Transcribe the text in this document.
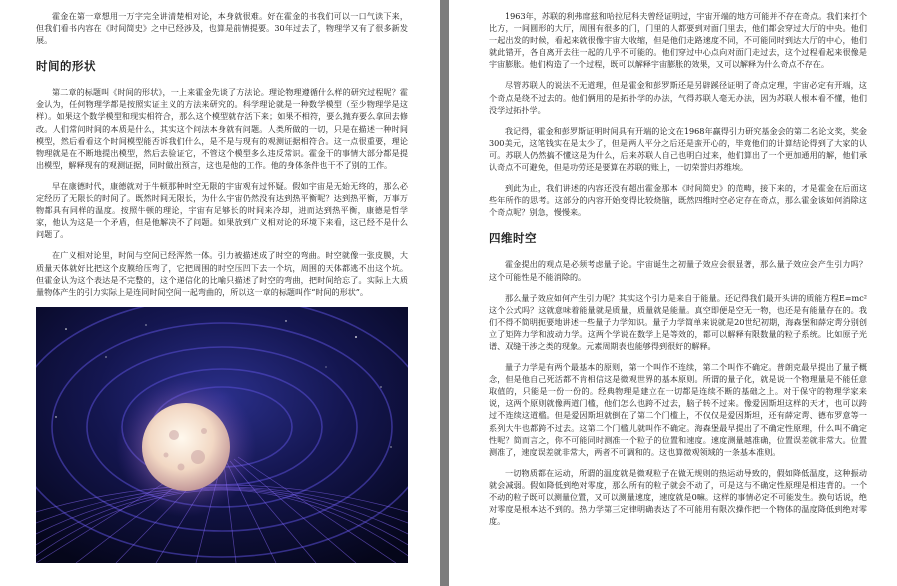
霍金在第一章想用一万字完全讲清楚相对论，本身就很难。好在霍金的书我们可以一口气读下来，但我们看书内容在《时间简史》之中已经涉及，也算是前情提要。30年过去了，物理学又有了很多新发展。

时间的形状

第二章的标题叫《时间的形状》，一上来霍金先谈了方法论。理论物理遵循什么样的研究过程呢？霍金认为，任何物理学都是按照实证主义的方法来研究的。科学理论就是一种数学模型（至少物理学是这样）。如果这个数学模型和现实相符合，那么这个模型就存活下来；如果不相符，要么抛弃要么拿回去修改。人们常问时间的本质是什么，其实这个问法本身就有问题。人类所做的一切，只是在描述一种时间模型，然后看看这个时间模型能否诉我们什么，是不是与现有的观测证据相符合。这一点很重要，理论物理就是在不断地提出模型，然后去验证它，不管这个模型多么违反常识。霍金干的事情大部分都是提出模型，解释现有的观测证据，同时做出预言，这也是他的工作。他的身体条件也干不了别的工作。

早在康德时代，康德就对于牛顿那种时空无限的宇宙观有过怀疑。假如宇宙是无始无终的，那么必定经历了无限长的时间了。既然时间无限长，为什么宇宙仍然没有达到热平衡呢？达到热平衡，万事万物都具有同样的温度。按照牛顿的理论，宇宙有足够长的时间来冷却，进而达到热平衡，康德是哲学家，他认为这是一个矛盾，但是他解决不了问题。如果放到广义相对论的环境下来看，这已经不是什么问题了。

在广义相对论里，时间与空间已经浑然一体。引力被描述成了时空的弯曲。时空就像一张皮膜，大质量天体就好比把这个皮膜给压弯了，它把周围的时空压凹下去一个坑，周围的天体都逃不出这个坑。但霍金认为这个表达是不完整的，这个递信化的比喻只描述了时空的弯曲，把时间给忘了。实际上大质量物体产生的引力实际上是连同时间空间一起弯曲的，所以这一章的标题叫作“时间的形状”。

1963年，苏联的利弗席兹和哈拉尼科夫曾经证明过，宇宙开端的地方可能并不存在奇点。我们来打个比方，一间圆形的大厅，周围有很多的门，门里的人都要到对面门里去，他们都会穿过大厅的中央。他们一起出发的时候，看起来就很像宇宙大收缩，但是他们走路速度不同，不可能同时到达大厅的中心，他们就此错开，各自离开去往一起的几乎不可能的。他们穿过中心点向对面门走过去，这个过程看起来很像是宇宙膨胀。他们构造了一个过程，既可以解释宇宙膨胀的效果，又可以解释为什么奇点不存在。

尽管苏联人的说法不无道理，但是霍金和彭罗斯还是另辟蹊径证明了奇点定理，宇宙必定有开端，这个奇点是绕不过去的。他们俩用的是拓扑学的办法，气得苏联人毫无办法，因为苏联人根本看不懂，他们没学过拓扑学。

我记得，霍金和彭罗斯证明时间具有开端的论文在1968年赢得引力研究基金会的第二名论文奖，奖金300美元，这笔钱实在是太少了，但是两人平分之后还是蛮开心的，毕竟他们的计算结论得到了大家的认可。苏联人仍然搞不懂这是为什么，后来苏联人自己也明白过来，他们算出了一个更加通用的解，他们承认奇点不可避免，但是功劳还是要算在苏联的账上，一切荣誉归苏维埃。

到此为止，我们讲述的内容还没有超出霍金那本《时间简史》的范畴，接下来的，才是霍金在后面这些年所作的思考。这部分的内容开始变得比较烧脑，既然四维时空必定存在奇点，那么霍金该如何消除这个奇点呢？别急，慢慢来。

四维时空

霍金提出的观点是必须考虑量子论。宇宙诞生之初量子效应会很显著，那么量子效应会产生引力吗？这个可能性是不能消除的。

那么量子效应如何产生引力呢？其实这个引力是来自于能量。还记得我们最开头讲的质能方程E=mc²这个公式吗？这就意味着能量就是质量，质量就是能量。真空即便是空无一物，也还是有能量存在的。我们不得不简明扼要地讲述一些量子力学知识。量子力学简单来说就是20世纪初期，海森堡和薛定谔分别创立了矩阵力学和波动力学。这两个学说在数学上是等效的，都可以解释有限数量的粒子系统。比如原子光谱、双缝干涉之类的现象。元素周期表也能够得到很好的解释。

量子力学是有两个最基本的原则，第一个叫作不连续，第二个叫作不确定。普朗克最早提出了量子概念，但是他自己死活都不肯相信这是微观世界的基本原则。所谓的量子化，就是说一个物理量是不能任意取值的，只能是一份一份的。经典物理是建立在一切都是连续不断的基础之上。对于保守的物理学家来说，这两个原则就像两道门槛，他们怎么也跨不过去，脑子转不过来。像爱因斯坦这样的天才，也可以跨过不连续这道槛。但是爱因斯坦就倒在了第二个门槛上，不仅仅是爱因斯坦，还有薛定谔、德布罗意等一系列大牛也都跨不过去。这第二个门槛儿就叫作不确定。海森堡最早提出了不确定性原理，什么叫不确定性呢？简而言之，你不可能同时测准一个粒子的位置和速度。速度测量越准确，位置误差就非常大。位置测准了，速度误差就非常大，两者不可调和的。这也算微观领域的一条基本准则。

一切物质都在运动，所谓的温度就是微观粒子在做无规则的热运动导致的，假如降低温度，这种振动就会减弱。假如降低到绝对零度，那么所有的粒子就会不动了，可是这与不确定性原理是相违背的。一个不动的粒子既可以测量位置，又可以测量速度，速度就是0嘛。这样的事情必定不可能发生。换句话说，绝对零度是根本达不到的。热力学第三定律明确表达了不可能用有限次操作把一个物体的温度降低到绝对零度。
